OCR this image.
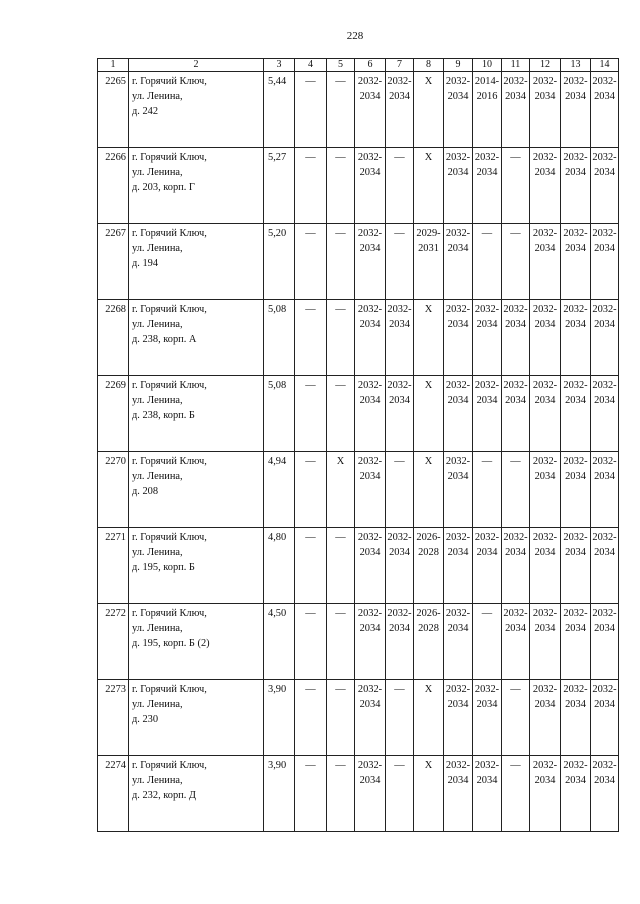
228
1	2	3	4	5	6	7	8	9	10	11	12	13	14
2265	г. Горячий Ключ,
ул. Ленина,
д. 242	5,44	—	—	2032-
2034	2032-
2034	X	2032-
2034	2014-
2016	2032-
2034	2032-
2034	2032-
2034	2032-
2034

2266	г. Горячий Ключ,
ул. Ленина,
д. 203, корп. Г	5,27	—	—	2032-
2034	—	X	2032-
2034	2032-
2034	—	2032-
2034	2032-
2034	2032-
2034

2267	г. Горячий Ключ,
ул. Ленина,
д. 194	5,20	—	—	2032-
2034	—	2029-
2031	2032-
2034	—	—	2032-
2034	2032-
2034	2032-
2034

2268	г. Горячий Ключ,
ул. Ленина,
д. 238, корп. А	5,08	—	—	2032-
2034	2032-
2034	X	2032-
2034	2032-
2034	2032-
2034	2032-
2034	2032-
2034	2032-
2034

2269	г. Горячий Ключ,
ул. Ленина,
д. 238, корп. Б	5,08	—	—	2032-
2034	2032-
2034	X	2032-
2034	2032-
2034	2032-
2034	2032-
2034	2032-
2034	2032-
2034

2270	г. Горячий Ключ,
ул. Ленина,
д. 208	4,94	—	X	2032-
2034	—	X	2032-
2034	—	—	2032-
2034	2032-
2034	2032-
2034

2271	г. Горячий Ключ,
ул. Ленина,
д. 195, корп. Б	4,80	—	—	2032-
2034	2032-
2034	2026-
2028	2032-
2034	2032-
2034	2032-
2034	2032-
2034	2032-
2034	2032-
2034

2272	г. Горячий Ключ,
ул. Ленина,
д. 195, корп. Б (2)	4,50	—	—	2032-
2034	2032-
2034	2026-
2028	2032-
2034	—	2032-
2034	2032-
2034	2032-
2034	2032-
2034

2273	г. Горячий Ключ,
ул. Ленина,
д. 230	3,90	—	—	2032-
2034	—	X	2032-
2034	2032-
2034	—	2032-
2034	2032-
2034	2032-
2034

2274	г. Горячий Ключ,
ул. Ленина,
д. 232, корп. Д	3,90	—	—	2032-
2034	—	X	2032-
2034	2032-
2034	—	2032-
2034	2032-
2034	2032-
2034
